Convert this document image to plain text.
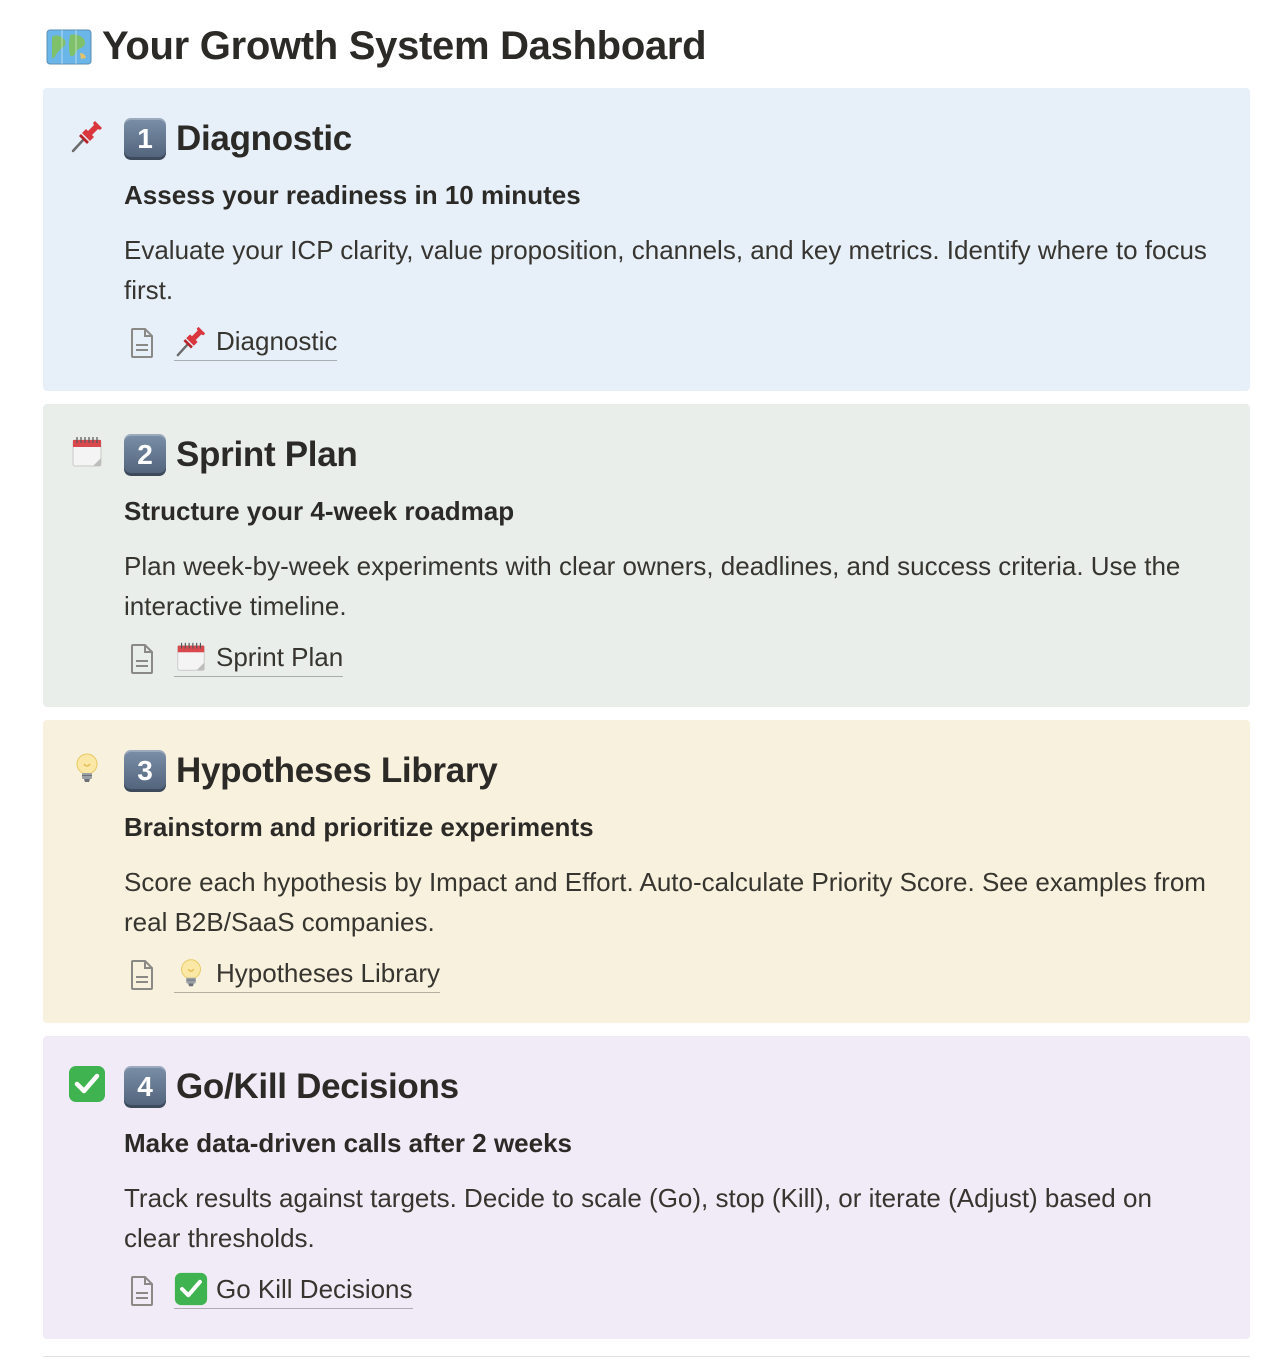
Your Growth System Dashboard
1 Diagnostic
Assess your readiness in 10 minutes
Evaluate your ICP clarity, value proposition, channels, and key metrics. Identify where to focus first.
Diagnostic
2 Sprint Plan
Structure your 4-week roadmap
Plan week-by-week experiments with clear owners, deadlines, and success criteria. Use the interactive timeline.
Sprint Plan
3 Hypotheses Library
Brainstorm and prioritize experiments
Score each hypothesis by Impact and Effort. Auto-calculate Priority Score. See examples from real B2B/SaaS companies.
Hypotheses Library
4 Go/Kill Decisions
Make data-driven calls after 2 weeks
Track results against targets. Decide to scale (Go), stop (Kill), or iterate (Adjust) based on clear thresholds.
Go Kill Decisions
